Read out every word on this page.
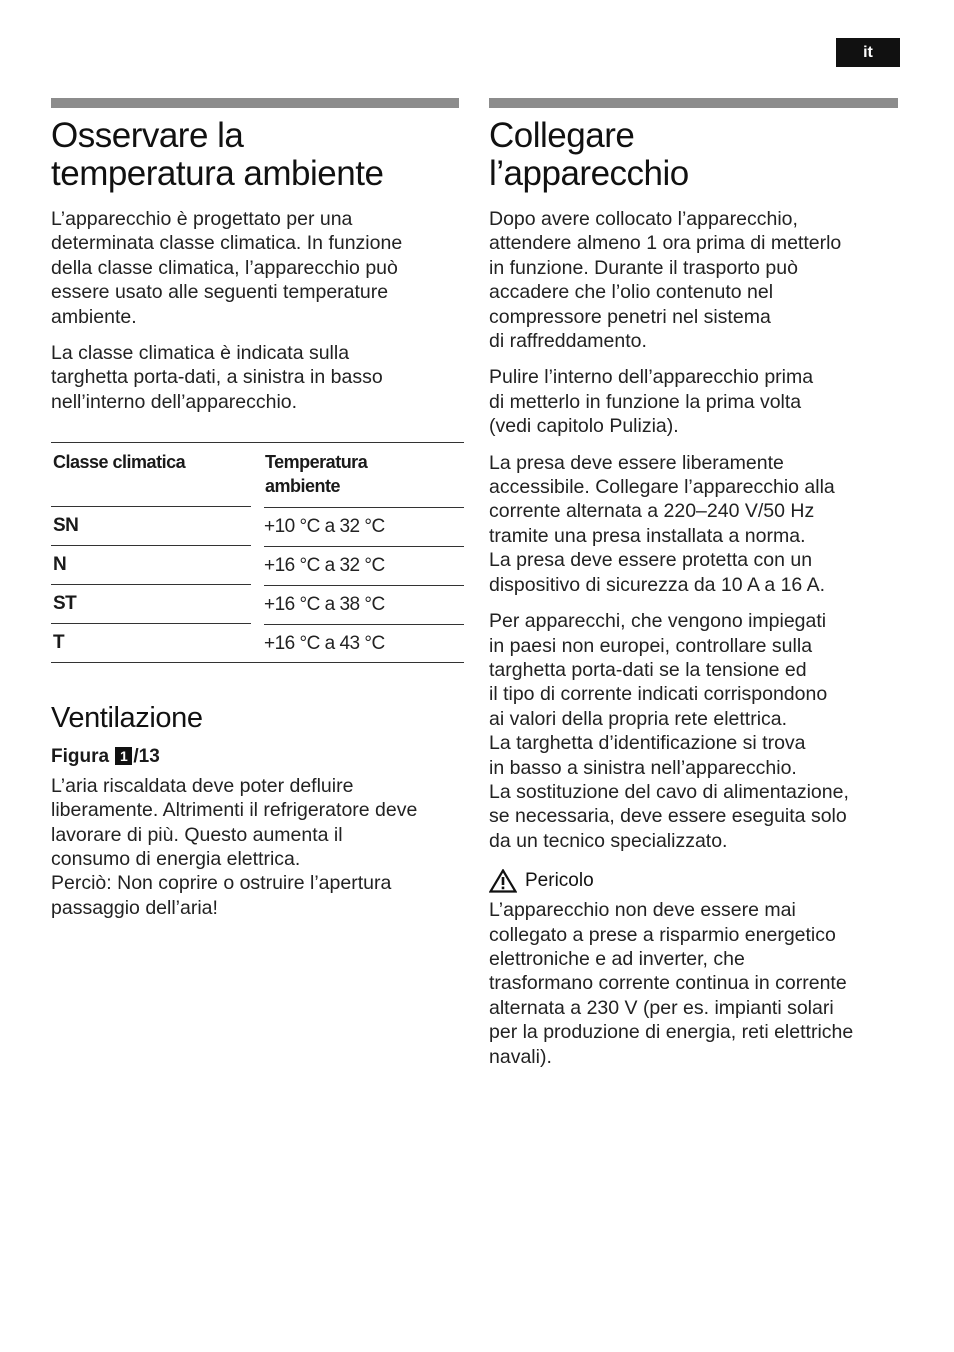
it
Osservare la
temperatura ambiente

L’apparecchio è progettato per una
determinata classe climatica. In funzione
della classe climatica, l’apparecchio può
essere usato alle seguenti temperature
ambiente.

La classe climatica è indicata sulla
targhetta porta-dati, a sinistra in basso
nell’interno dell’apparecchio.

Classe climatica	Temperatura
ambiente
SN	+10 °C a 32 °C

N	+16 °C a 32 °C

ST	+16 °C a 38 °C

T	+16 °C a 43 °C
Ventilazione
Figura 1 /13

L’aria riscaldata deve poter defluire
liberamente. Altrimenti il refrigeratore deve
lavorare di più. Questo aumenta il
consumo di energia elettrica.
Perciò: Non coprire o ostruire l’apertura
passaggio dell’aria!

Collegare
l’apparecchio

Dopo avere collocato l’apparecchio,
attendere almeno 1 ora prima di metterlo
in funzione. Durante il trasporto può
accadere che l’olio contenuto nel
compressore penetri nel sistema
di raffreddamento.

Pulire l’interno dell’apparecchio prima
di metterlo in funzione la prima volta
(vedi capitolo Pulizia).

La presa deve essere liberamente
accessibile. Collegare l’apparecchio alla
corrente alternata a 220–240 V/50 Hz
tramite una presa installata a norma.
La presa deve essere protetta con un
dispositivo di sicurezza da 10 A a 16 A.

Per apparecchi, che vengono impiegati
in paesi non europei, controllare sulla
targhetta porta-dati se la tensione ed
il tipo di corrente indicati corrispondono
ai valori della propria rete elettrica.
La targhetta d’identificazione si trova
in basso a sinistra nell’apparecchio.
La sostituzione del cavo di alimentazione,
se necessaria, deve essere eseguita solo
da un tecnico specializzato.

Pericolo

L’apparecchio non deve essere mai
collegato a prese a risparmio energetico
elettroniche e ad inverter, che
trasformano corrente continua in corrente
alternata a 230 V (per es. impianti solari
per la produzione di energia, reti elettriche
navali).
